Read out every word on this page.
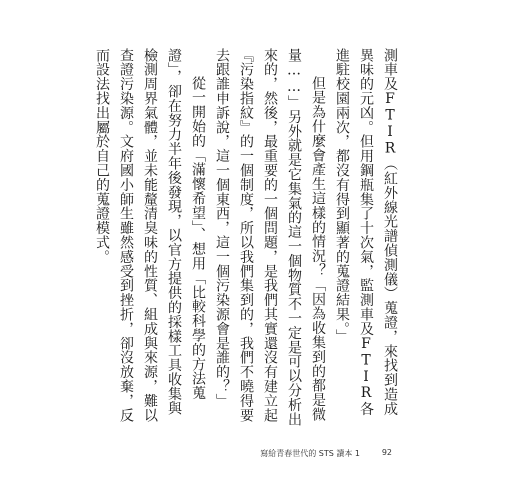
測車及FTIR（紅外線光譜偵測儀）蒐證，來找到造成異味的元凶。但用鋼瓶集了十次氣，監測車及FTIR各進駐校園兩次，都沒有得到顯著的蒐證結果。」

但是為什麼會產生這樣的情況？「因為收集到的都是微量……」另外就是它集氣的這一個物質不一定是可以分析出來的，然後，最重要的一個問題，是我們其實還沒有建立起『污染指紋』的一個制度，所以我們集到的，我們不曉得要去跟誰申訴說，這一個東西，這一個污染源會是誰的？」

從一開始的「滿懷希望」、想用「比較科學的方法蒐證」，卻在努力半年後發現，以官方提供的採樣工具收集與檢測周界氣體，並未能釐清臭味的性質、組成與來源，難以查證污染源。文府國小師生雖然感受到挫折，卻沒放棄，反而設法找出屬於自己的蒐證模式。

寫給青春世代的 STS 讀本 1	92
